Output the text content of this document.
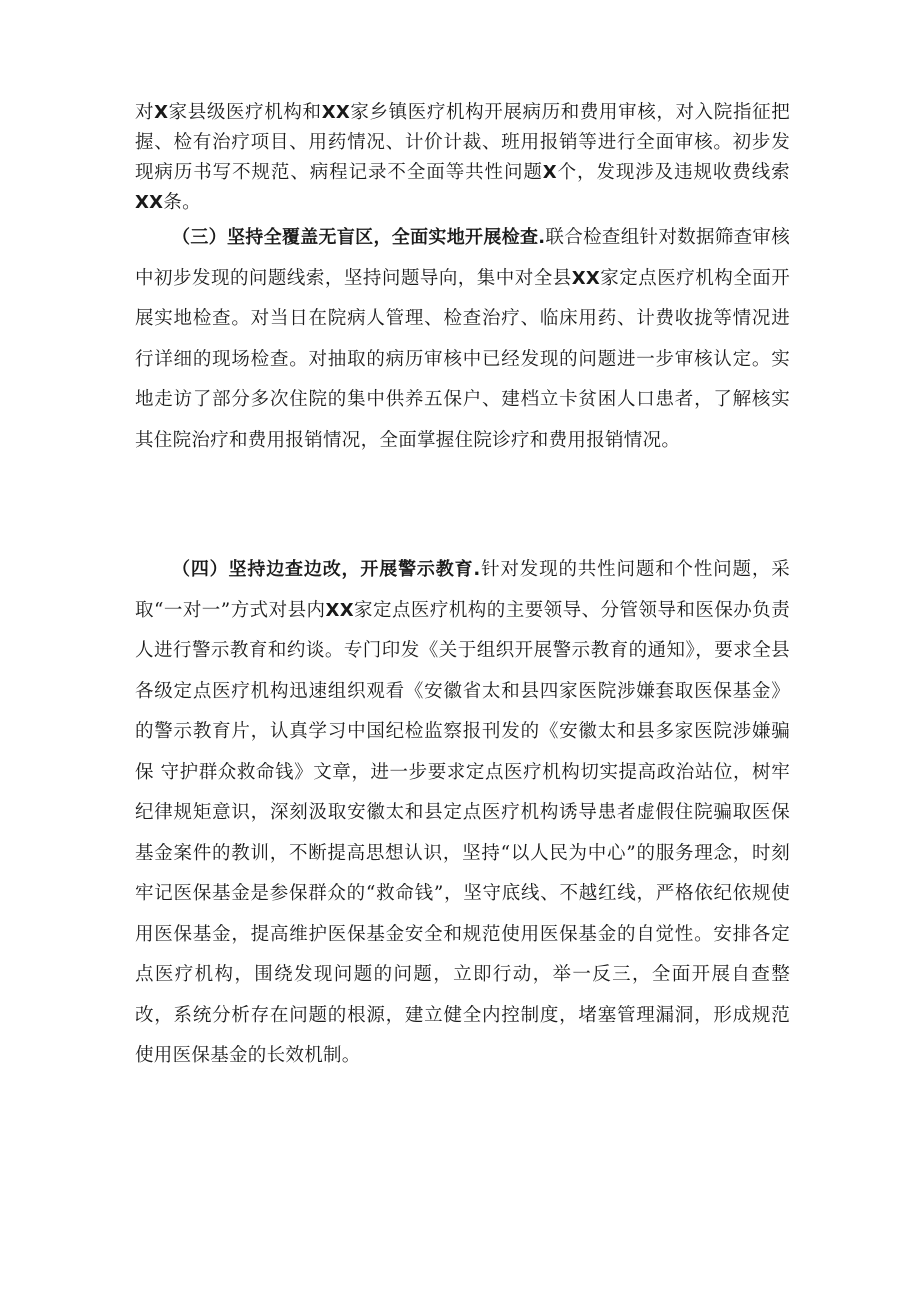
对X家县级医疗机构和XX家乡镇医疗机构开展病历和费用审核，对入院指征把握、检有治疗项目、用药情况、计价计裁、班用报销等进行全面审核。初步发现病历书写不规范、病程记录不全面等共性问题X个，发现涉及违规收费线索XX条。

（三）坚持全覆盖无盲区，全面实地开展检查.联合检查组针对数据筛查审核中初步发现的问题线索，坚持问题导向，集中对全县XX家定点医疗机构全面开展实地检查。对当日在院病人管理、检查治疗、临床用药、计费收拢等情况进行详细的现场检查。对抽取的病历审核中已经发现的问题进一步审核认定。实地走访了部分多次住院的集中供养五保户、建档立卡贫困人口患者，了解核实其住院治疗和费用报销情况，全面掌握住院诊疗和费用报销情况。

（四）坚持边查边改，开展警示教育.针对发现的共性问题和个性问题，采取“一对一”方式对县内XX家定点医疗机构的主要领导、分管领导和医保办负责人进行警示教育和约谈。专门印发《关于组织开展警示教育的通知》，要求全县各级定点医疗机构迅速组织观看《安徽省太和县四家医院涉嫌套取医保基金》的警示教育片，认真学习中国纪检监察报刊发的《安徽太和县多家医院涉嫌骗保 守护群众救命钱》文章，进一步要求定点医疗机构切实提高政治站位，树牢纪律规矩意识，深刻汲取安徽太和县定点医疗机构诱导患者虚假住院骗取医保基金案件的教训，不断提高思想认识，坚持“以人民为中心”的服务理念，时刻牢记医保基金是参保群众的“救命钱”，坚守底线、不越红线，严格依纪依规使用医保基金，提高维护医保基金安全和规范使用医保基金的自觉性。安排各定点医疗机构，围绕发现问题的问题，立即行动，举一反三，全面开展自查整改，系统分析存在问题的根源，建立健全内控制度，堵塞管理漏洞，形成规范使用医保基金的长效机制。
